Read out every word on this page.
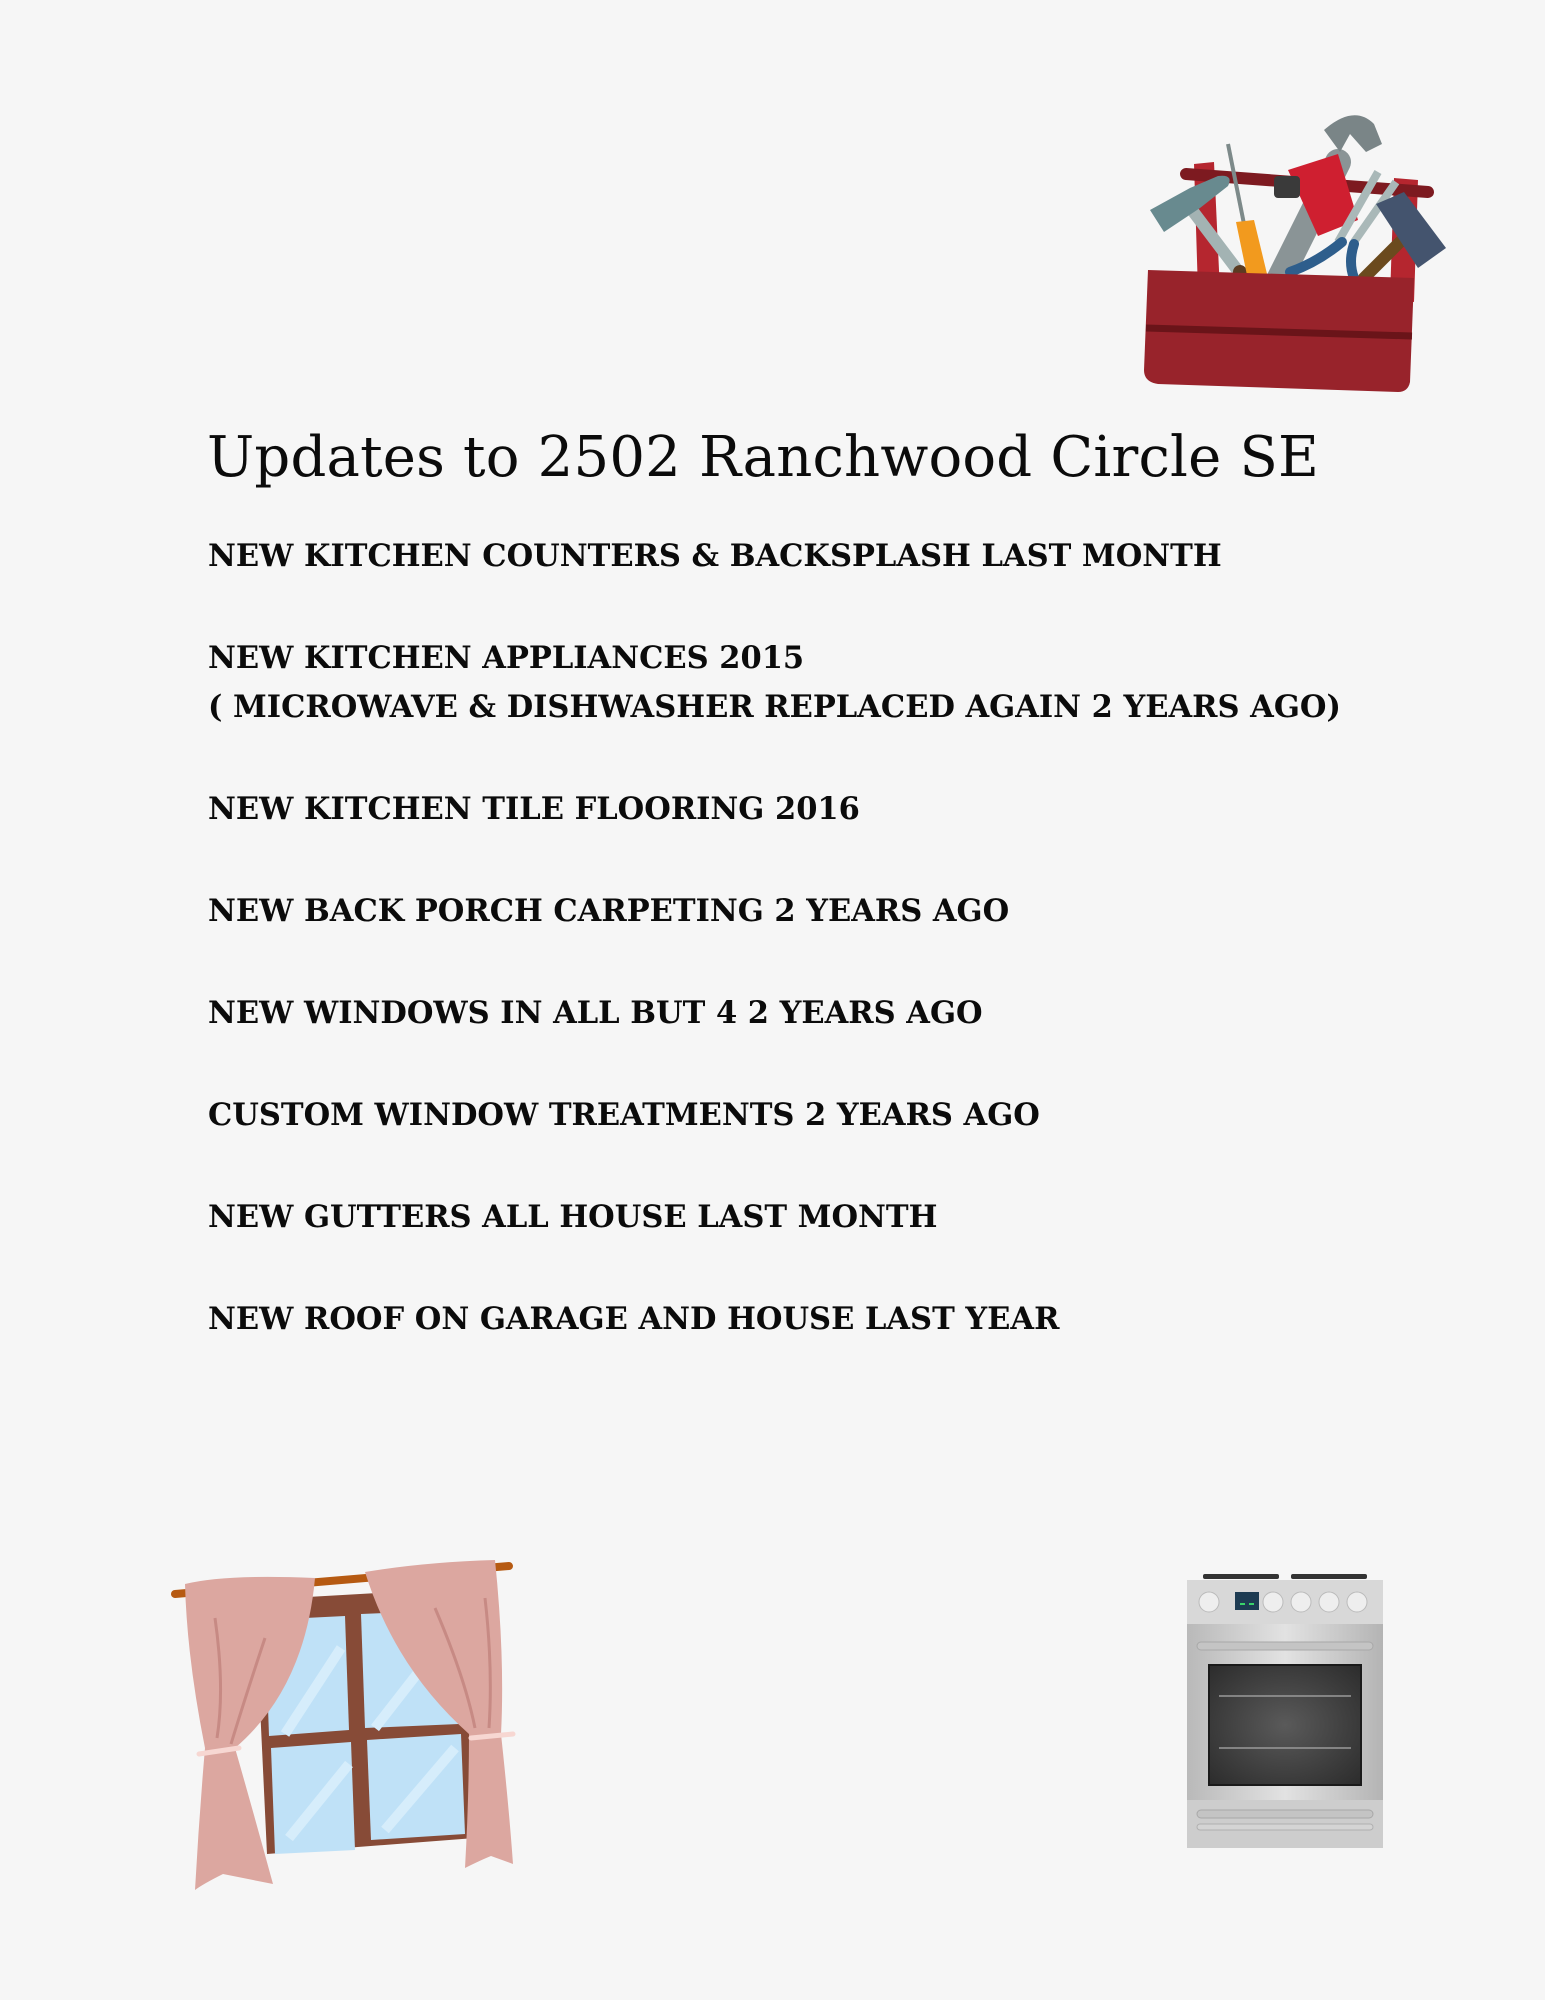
Updates to 2502 Ranchwood Circle SE
NEW KITCHEN COUNTERS & BACKSPLASH LAST MONTH
NEW KITCHEN APPLIANCES 2015
( MICROWAVE & DISHWASHER REPLACED AGAIN 2 YEARS AGO)
NEW KITCHEN TILE FLOORING 2016
NEW BACK PORCH CARPETING 2 YEARS AGO
NEW WINDOWS IN ALL BUT 4 2 YEARS AGO
CUSTOM WINDOW TREATMENTS 2 YEARS AGO
NEW GUTTERS ALL HOUSE LAST MONTH
NEW ROOF ON GARAGE AND HOUSE LAST YEAR
